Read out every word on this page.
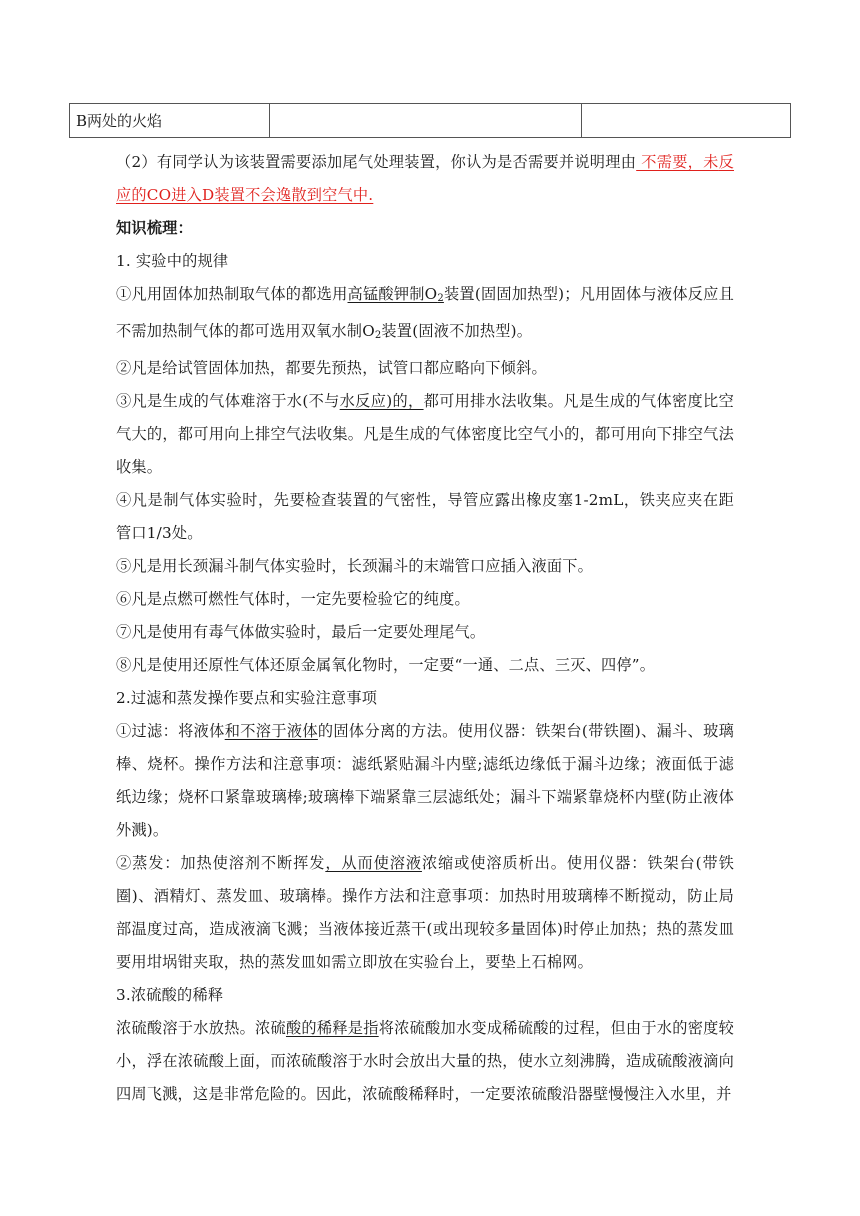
B两处的火焰		

（2）有同学认为该装置需要添加尾气处理装置，你认为是否需要并说明理由 不需要，未反应的CO进入D装置不会逸散到空气中.

知识梳理：

1. 实验中的规律

①凡用固体加热制取气体的都选用高锰酸钾制$O_2$装置(固固加热型)；凡用固体与液体反应且不需加热制气体的都可选用双氧水制$O_2$装置(固液不加热型)。

②凡是给试管固体加热，都要先预热，试管口都应略向下倾斜。

③凡是生成的气体难溶于水(不与水反应)的，都可用排水法收集。凡是生成的气体密度比空气大的，都可用向上排空气法收集。凡是生成的气体密度比空气小的，都可用向下排空气法收集。

④凡是制气体实验时，先要检查装置的气密性，导管应露出橡皮塞1-2mL，铁夹应夹在距管口1/3处。

⑤凡是用长颈漏斗制气体实验时，长颈漏斗的末端管口应插入液面下。

⑥凡是点燃可燃性气体时，一定先要检验它的纯度。

⑦凡是使用有毒气体做实验时，最后一定要处理尾气。

⑧凡是使用还原性气体还原金属氧化物时，一定要“一通、二点、三灭、四停”。

2.过滤和蒸发操作要点和实验注意事项

①过滤：将液体和不溶于液体的固体分离的方法。使用仪器：铁架台(带铁圈)、漏斗、玻璃棒、烧杯。操作方法和注意事项：滤纸紧贴漏斗内壁;滤纸边缘低于漏斗边缘；液面低于滤纸边缘；烧杯口紧靠玻璃棒;玻璃棒下端紧靠三层滤纸处；漏斗下端紧靠烧杯内壁(防止液体外溅)。

②蒸发：加热使溶剂不断挥发，从而使溶液浓缩或使溶质析出。使用仪器：铁架台(带铁圈)、酒精灯、蒸发皿、玻璃棒。操作方法和注意事项：加热时用玻璃棒不断搅动，防止局部温度过高，造成液滴飞溅；当液体接近蒸干(或出现较多量固体)时停止加热；热的蒸发皿要用坩埚钳夹取，热的蒸发皿如需立即放在实验台上，要垫上石棉网。

3.浓硫酸的稀释

浓硫酸溶于水放热。浓硫酸的稀释是指将浓硫酸加水变成稀硫酸的过程，但由于水的密度较小，浮在浓硫酸上面，而浓硫酸溶于水时会放出大量的热，使水立刻沸腾，造成硫酸液滴向四周飞溅，这是非常危险的。因此，浓硫酸稀释时，一定要浓硫酸沿器壁慢慢注入水里，并
